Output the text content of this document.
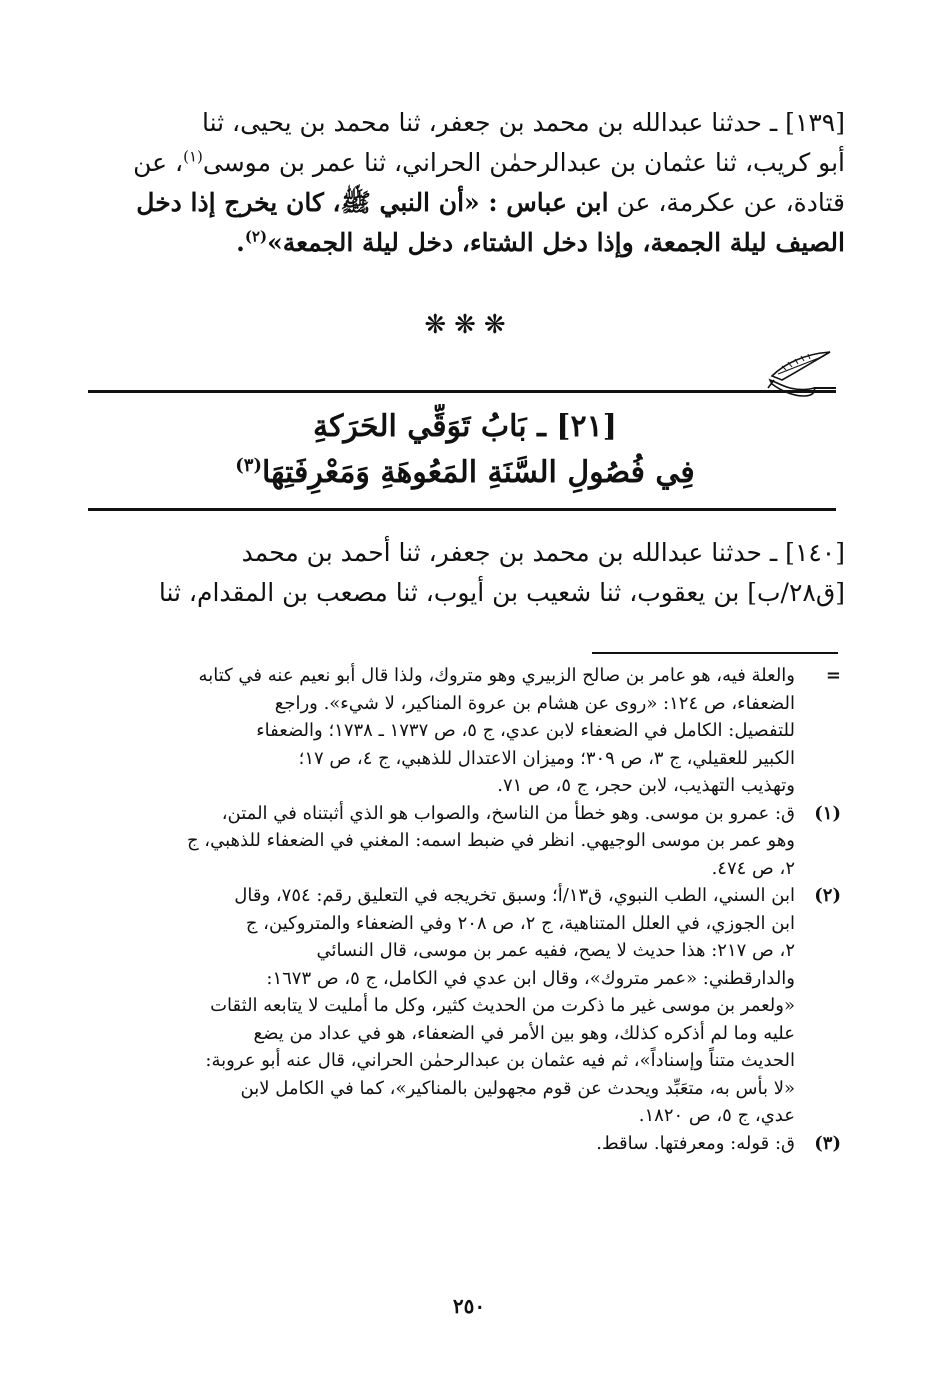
[١٣٩] ـ حدثنا عبدالله بن محمد بن جعفر، ثنا محمد بن يحيى، ثنا
أبو كريب، ثنا عثمان بن عبدالرحمٰن الحراني، ثنا عمر بن موسى$^{(١)}$، عن
قتادة، عن عكرمة، عن ابن عباس : «أن النبي ﷺ، كان يخرج إذا دخل
الصيف ليلة الجمعة، وإذا دخل الشتاء، دخل ليلة الجمعة»$^{(٢)}$.
❋❋❋
[٢١] ـ بَابُ تَوَقِّي الحَرَكةِ
فِي فُصُولِ السَّنَةِ المَعُوهَةِ وَمَعْرِفَتِهَا$^{(٣)}$
[١٤٠] ـ حدثنا عبدالله بن محمد بن جعفر، ثنا أحمد بن محمد
[ق٢٨/ب] بن يعقوب، ثنا شعيب بن أيوب، ثنا مصعب بن المقدام، ثنا
=
والعلة فيه، هو عامر بن صالح الزبيري وهو متروك، ولذا قال أبو نعيم عنه في كتابه
الضعفاء، ص ١٢٤: «روى عن هشام بن عروة المناكير، لا شيء». وراجع
للتفصيل: الكامل في الضعفاء لابن عدي، ج ٥، ص ١٧٣٧ ـ ١٧٣٨؛ والضعفاء
الكبير للعقيلي، ج ٣، ص ٣٠٩؛ وميزان الاعتدال للذهبي، ج ٤، ص ١٧؛
وتهذيب التهذيب، لابن حجر، ج ٥، ص ٧١.
(١)
ق: عمرو بن موسى. وهو خطأ من الناسخ، والصواب هو الذي أثبتناه في المتن،
وهو عمر بن موسى الوجيهي. انظر في ضبط اسمه: المغني في الضعفاء للذهبي، ج
٢، ص ٤٧٤.
(٢)
ابن السني، الطب النبوي، ق١٣/أ؛ وسبق تخريجه في التعليق رقم: ٧٥٤، وقال
ابن الجوزي، في العلل المتناهية، ج ٢، ص ٢٠٨ وفي الضعفاء والمتروكين، ج
٢، ص ٢١٧: هذا حديث لا يصح، ففيه عمر بن موسى، قال النسائي
والدارقطني: «عمر متروك»، وقال ابن عدي في الكامل، ج ٥، ص ١٦٧٣:
«ولعمر بن موسى غير ما ذكرت من الحديث كثير، وكل ما أمليت لا يتابعه الثقات
عليه وما لم أذكره كذلك، وهو بين الأمر في الضعفاء، هو في عداد من يضع
الحديث متناً وإسناداً»، ثم فيه عثمان بن عبدالرحمٰن الحراني، قال عنه أبو عروبة:
«لا بأس به، متعَبِّد ويحدث عن قوم مجهولين بالمناكير»، كما في الكامل لابن
عدي، ج ٥، ص ١٨٢٠.
(٣)
ق: قوله: ومعرفتها. ساقط.
٢٥٠
